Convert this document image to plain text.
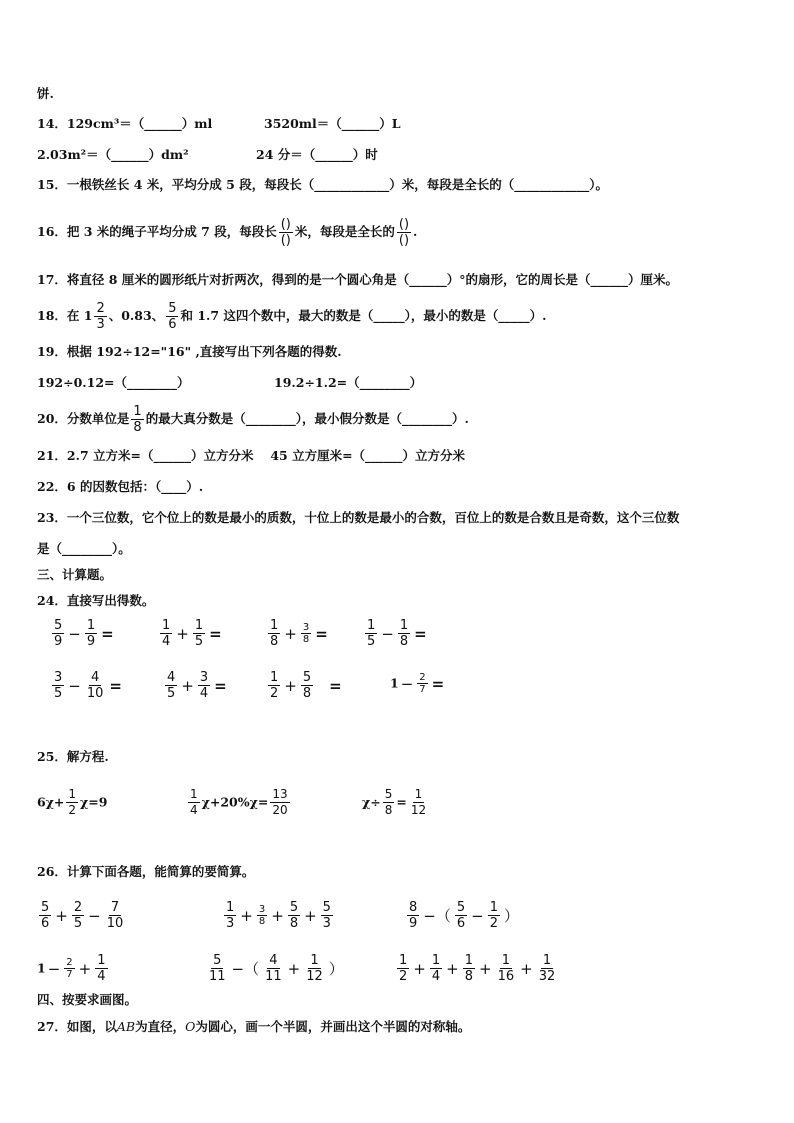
饼.
14．129cm³＝（______）ml	3520ml＝（______）L
2.03m²＝（______）dm²	24 分＝（______）时
15．一根铁丝长 4 米，平均分成 5 段，每段长（____________）米，每段是全长的（____________）。
16．把 3 米的绳子平均分成 7 段，每段长 $\frac{()}{()}$ 米，每段是全长的 $\frac{()}{()}$ .
17．将直径 8 厘米的圆形纸片对折两次，得到的是一个圆心角是（______）°的扇形，它的周长是（______）厘米。
18．在 $1 \frac{2}{3}$ 、0.83、 $\frac{5}{6}$ 和 1.7 这四个数中，最大的数是（_____），最小的数是（_____）.
19．根据 192÷12="16" ,直接写出下列各题的得数.
192÷0.12=（________）	19.2÷1.2=（________）
20．分数单位是 $\frac{1}{8}$ 的最大真分数是（________），最小假分数是（________）.
21．2.7 立方米=（______）立方分米　 45 立方厘米=（______）立方分米
22．6 的因数包括：（____）.
23．一个三位数，它个位上的数是最小的质数，十位上的数是最小的合数，百位上的数是合数且是奇数，这个三位数
是（________）。
三、计算题。
24．直接写出得数。
$\frac{5}{9} - \frac{1}{9}$ =	$\frac{1}{4} + \frac{1}{5}$ =	$\frac{1}{8} + \frac{3}{8}$ =	$\frac{1}{5} - \frac{1}{8}$ =
$\frac{3}{5} - \frac{4}{10}$ =	$\frac{4}{5} + \frac{3}{4}$ =	$\frac{1}{2} + \frac{5}{8}$ =	$1 - \frac{2}{7}$ =
25．解方程.
$6\chi+ \frac{1}{2} \chi=9$	$\frac{1}{4} \chi+20\%\chi= \frac{13}{20}$	$\chi\div \frac{5}{8} = \frac{1}{12}$
26．计算下面各题，能简算的要简算。
$\frac{5}{6} + \frac{2}{5} - \frac{7}{10}$	$\frac{1}{3} + \frac{3}{8} + \frac{5}{8} + \frac{5}{3}$	$\frac{8}{9}$ −（ $\frac{5}{6} - \frac{1}{2}$ ）
$1 - \frac{2}{7} + \frac{1}{4}$	$\frac{5}{11}$ −（ $\frac{4}{11} + \frac{1}{12}$ ）	$\frac{1}{2} + \frac{1}{4} + \frac{1}{8} + \frac{1}{16} + \frac{1}{32}$
四、按要求画图。
27．如图，以AB为直径，O为圆心，画一个半圆，并画出这个半圆的对称轴。
